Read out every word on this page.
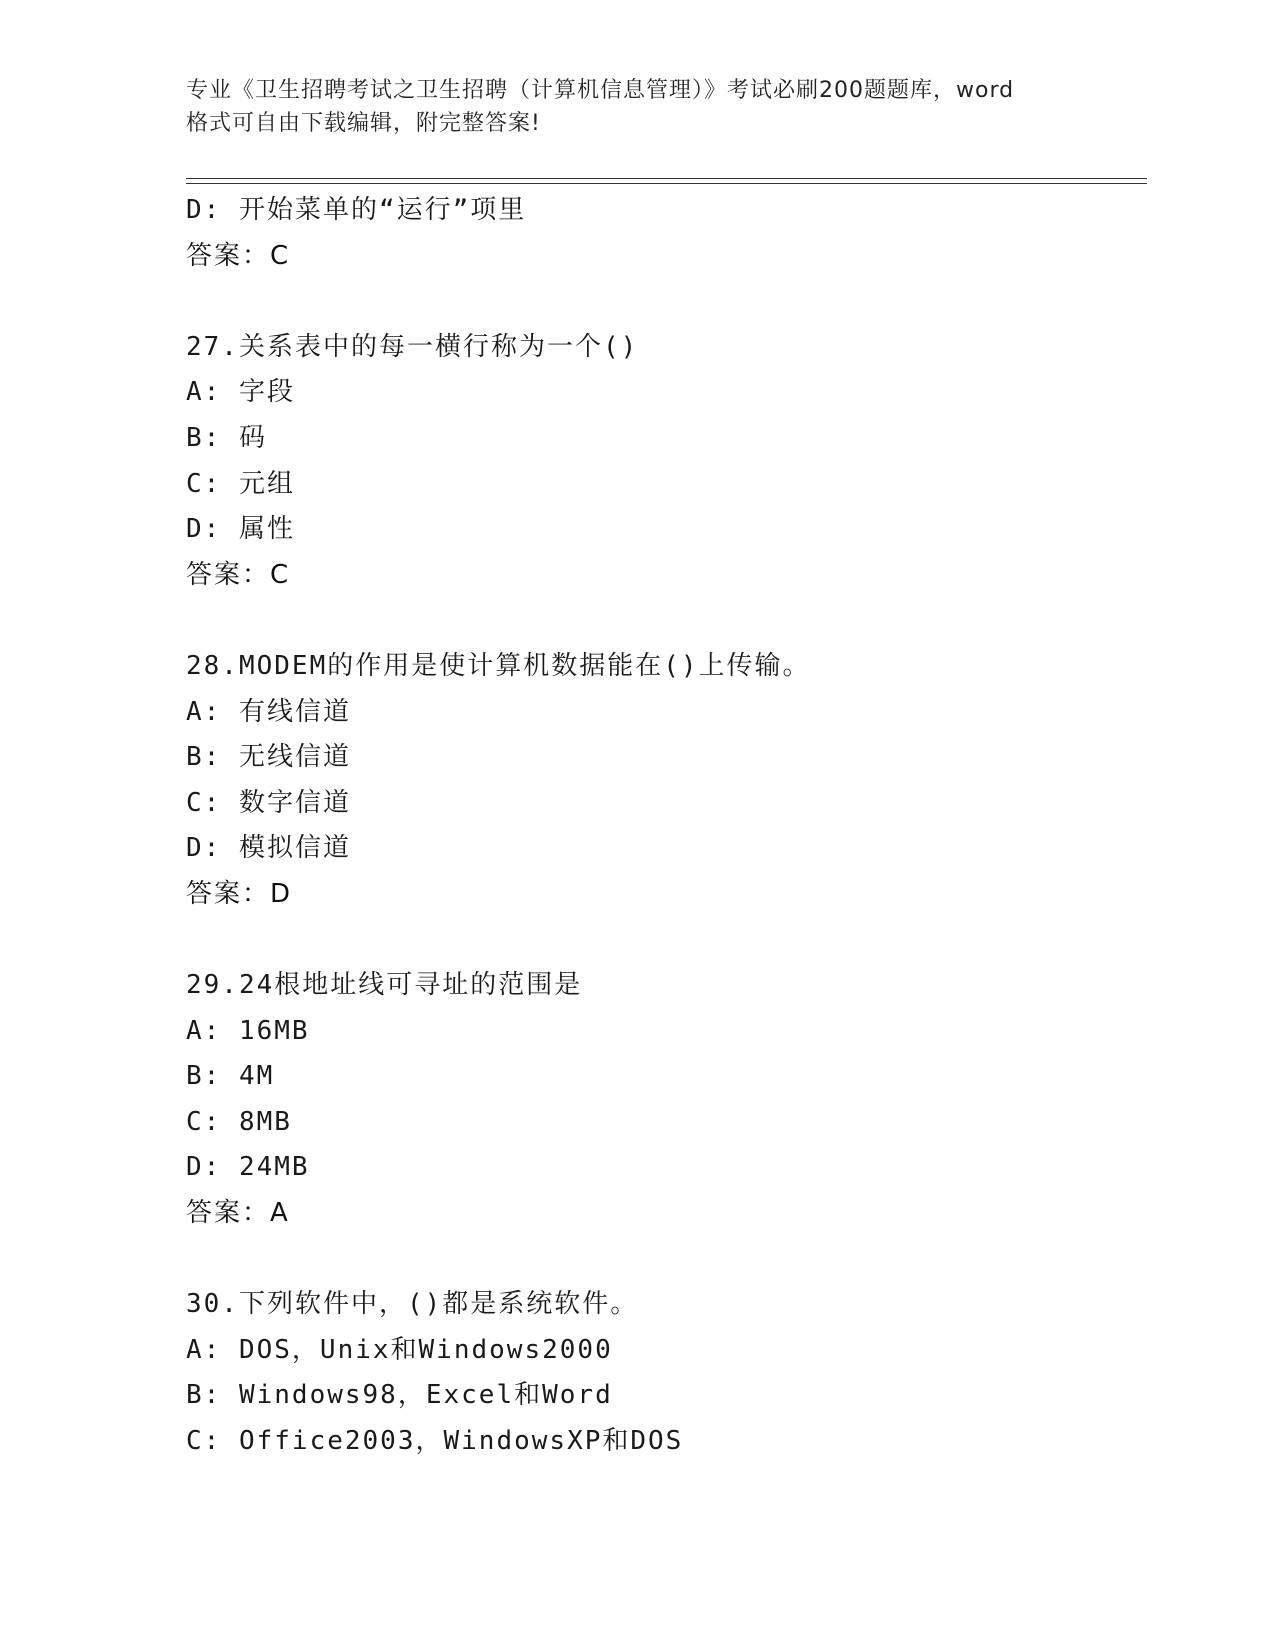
专业《卫生招聘考试之卫生招聘（计算机信息管理）》考试必刷200题题库，word
格式可自由下载编辑，附完整答案!
D: 开始菜单的“运行”项里
答案：C
27.关系表中的每一横行称为一个()
A: 字段
B: 码
C: 元组
D: 属性
答案：C
28.MODEM的作用是使计算机数据能在()上传输。
A: 有线信道
B: 无线信道
C: 数字信道
D: 模拟信道
答案：D
29.24根地址线可寻址的范围是
A: 16MB
B: 4M
C: 8MB
D: 24MB
答案：A
30.下列软件中，()都是系统软件。
A: DOS，Unix和Windows2000
B: Windows98，Excel和Word
C: Office2003，WindowsXP和DOS
